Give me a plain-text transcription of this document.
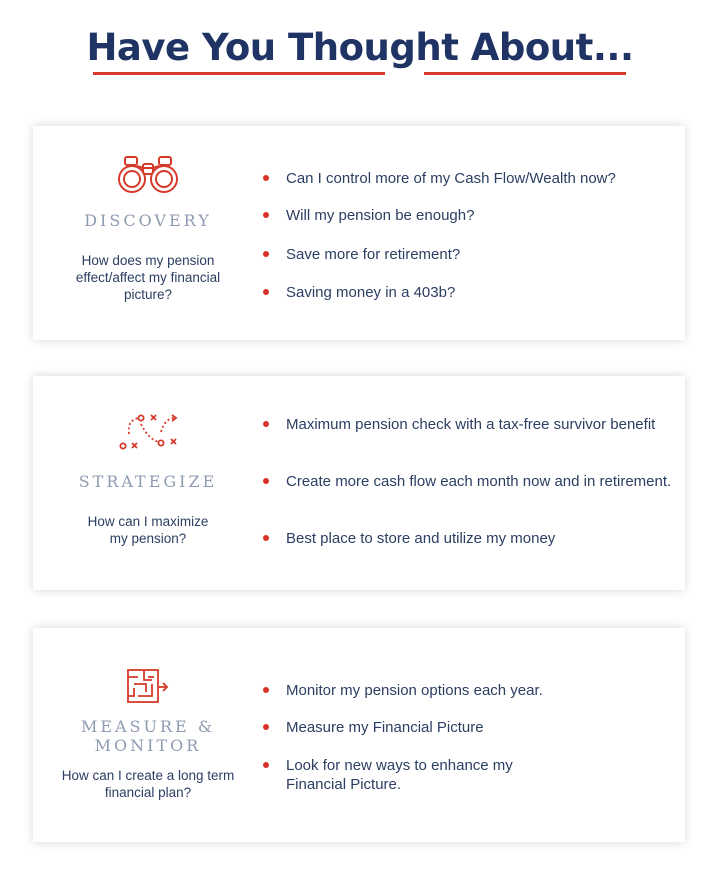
Have You Thought About...
DISCOVERY
How does my pension effect/affect my financial picture?
Can I control more of my Cash Flow/Wealth now?
Will my pension be enough?
Save more for retirement?
Saving money in a 403b?
STRATEGIZE
How can I maximize my pension?
Maximum pension check with a tax-free survivor benefit
Create more cash flow each month now and in retirement.
Best place to store and utilize my money
MEASURE & MONITOR
How can I create a long term financial plan?
Monitor my pension options each year.
Measure my Financial Picture
Look for new ways to enhance my Financial Picture.
